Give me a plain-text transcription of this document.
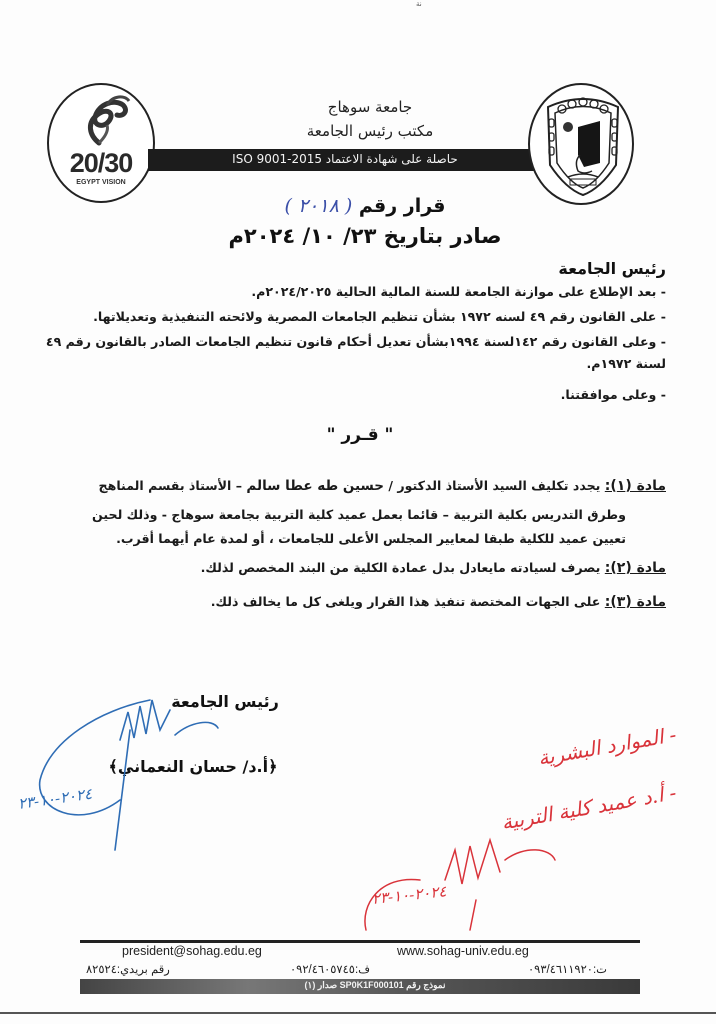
نة
20/30
EGYPT VISION
جامعة سوهاج
مكتب رئيس الجامعة
حاصلة على شهادة الاعتماد ISO 9001-2015
قرار رقم ( ٢٠١٨ )
صادر بتاريخ ٢٣/ ١٠/ ٢٠٢٤م
رئيس الجامعة
- بعد الإطلاع على موازنة الجامعة للسنة المالية الحالية ٢٠٢٤/٢٠٢٥م.
- على القانون رقم ٤٩ لسنه ١٩٧٢ بشأن تنظيم الجامعات المصرية ولائحته التنفيذية وتعديلاتها.
- وعلى القانون رقم ١٤٢لسنة ١٩٩٤بشأن تعديل أحكام قانون تنظيم الجامعات الصادر بالقانون رقم ٤٩ لسنة ١٩٧٢م.
- وعلى موافقتنا.
" قـرر "
مادة (١): يجدد تكليف السيد الأستاذ الدكتور / حسين طه عطا سالم – الأستاذ بقسم المناهج
وطرق التدريس بكلية التربية – قائما بعمل عميد كلية التربية بجامعة سوهاج - وذلك لحين
تعيين عميد للكلية طبقا لمعايير المجلس الأعلى للجامعات ، أو لمدة عام أيهما أقرب.
مادة (٢): يصرف لسيادته مايعادل بدل عمادة الكلية من البند المخصص لذلك.
مادة (٣): على الجهات المختصة تنفيذ هذا القرار ويلغى كل ما يخالف ذلك.
رئيس الجامعة
﴿أ.د/ حسان النعماني﴾
٢٠٢٤-١٠-٢٣
- الموارد البشرية
- أ.د عميد كلية التربية
٢٠٢٤-١٠-٢٣
president@sohag.edu.eg	www.sohag-univ.edu.eg
رقم بريدي:٨٢٥٢٤	ف:٠٩٢/٤٦٠٥٧٤٥	ت:٠٩٣/٤٦١١٩٢٠
نموذج رقم SP0K1F000101 صدار (١)
